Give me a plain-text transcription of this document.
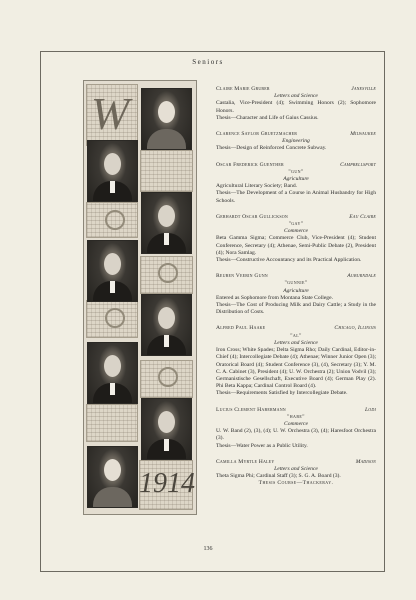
Seniors
W
1914
Claire Marie Gruber	Janesville
Letters and Science
Castalia, Vice-President (4); Swimming Honors (2); Sophomore Honors.
Thesis—Character and Life of Gaius Cassius.
Clarence Saylor Gruetzmacher	Milwaukee
Engineering
Thesis—Design of Reinforced Concrete Subway.
Oscar Frederick Guenther	Campbellsport
"gun"
Agriculture
Agricultural Literary Society; Band.
Thesis—The Development of a Course in Animal Husbandry for High Schools.
Gerhardt Oscar Gullickson	Eau Claire
"gay"
Commerce
Beta Gamma Sigma; Commerce Club, Vice-President (4); Student Conference, Secretary (4); Athenae, Semi-Public Debate (2), President (4); Nora Samlag.
Thesis—Constructive Accountancy and its Practical Application.
Reuben Veerin Gunn	Auburndale
"gunnie"
Agriculture
Entered as Sophomore from Montana State College.
Thesis—The Cost of Producing Milk and Dairy Cattle; a Study in the Distribution of Costs.
Alfred Paul Haake	Chicago, Illinois
"al"
Letters and Science
Iron Cross; White Spades; Delta Sigma Rho; Daily Cardinal, Editor-in-Chief (4); Intercollegiate Debate (4); Athenae; Winner Junior Open (3); Oratorical Board (4); Student Conference (3), (4), Secretary (3); Y. M. C. A. Cabinet (3), President (4); U. W. Orchestra (2); Union Vodvil (3); Germanistische Gesellschaft, Executive Board (4); German Play (2). Phi Beta Kappa; Cardinal Control Board (4).
Thesis—Requirements Satisfied by Intercollegiate Debate.
Lucius Clement Habermann	Lodi
"habe"
Commerce
U. W. Band (2), (3), (4); U. W. Orchestra (3), (4); Haresfoot Orchestra (3).
Thesis—Water Power as a Public Utility.
Camilla Myrtle Haley	Madison
Letters and Science
Theta Sigma Phi; Cardinal Staff (3); S. G. A. Board (3).
Thesis Course—Thackeray.
136
